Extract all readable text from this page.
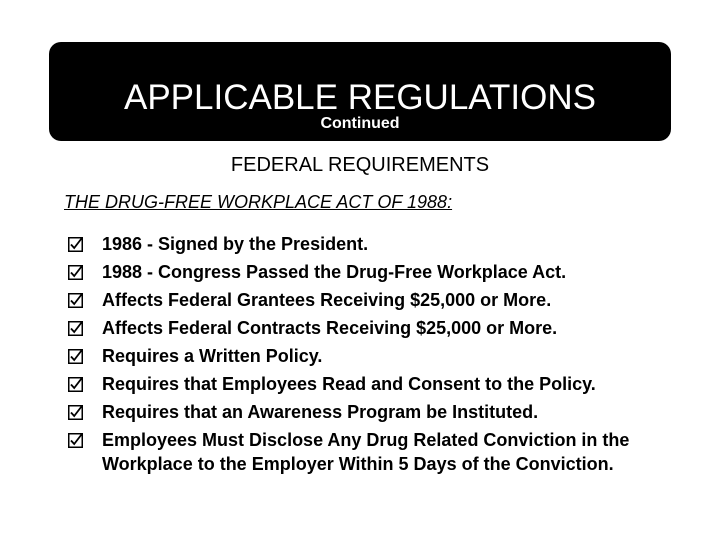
APPLICABLE REGULATIONS
Continued
FEDERAL REQUIREMENTS
THE DRUG-FREE WORKPLACE ACT OF 1988:
1986 - Signed by the President.
1988 - Congress Passed the Drug-Free Workplace Act.
Affects Federal Grantees Receiving $25,000 or More.
Affects Federal Contracts Receiving $25,000 or More.
Requires a Written Policy.
Requires that Employees Read and Consent to the Policy.
Requires that an Awareness Program be Instituted.
Employees Must Disclose Any Drug Related Conviction in the Workplace to the Employer Within 5 Days of the Conviction.
